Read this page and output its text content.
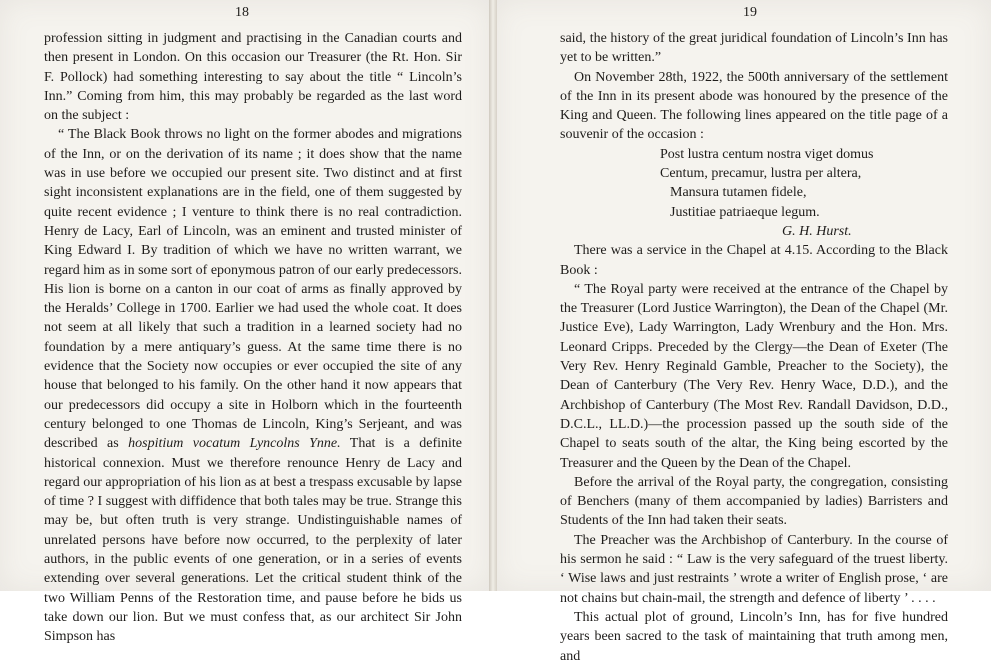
18	19

profession sitting in judgment and practising in the Canadian courts and then present in London. On this occasion our Treasurer (the Rt. Hon. Sir F. Pollock) had something interesting to say about the title “ Lincoln’s Inn.” Coming from him, this may probably be regarded as the last word on the subject :

“ The Black Book throws no light on the former abodes and migrations of the Inn, or on the derivation of its name ; it does show that the name was in use before we occupied our present site. Two distinct and at first sight inconsistent explanations are in the field, one of them suggested by quite recent evidence ; I venture to think there is no real contradiction. Henry de Lacy, Earl of Lincoln, was an eminent and trusted minister of King Edward I. By tradition of which we have no written warrant, we regard him as in some sort of eponymous patron of our early predecessors. His lion is borne on a canton in our coat of arms as finally approved by the Heralds’ College in 1700. Earlier we had used the whole coat. It does not seem at all likely that such a tradition in a learned society had no foundation by a mere antiquary’s guess. At the same time there is no evidence that the Society now occupies or ever occupied the site of any house that belonged to his family. On the other hand it now appears that our predecessors did occupy a site in Holborn which in the fourteenth century belonged to one Thomas de Lincoln, King’s Serjeant, and was described as hospitium vocatum Lyncolns Ynne. That is a definite historical connexion. Must we therefore renounce Henry de Lacy and regard our appropriation of his lion as at best a trespass excusable by lapse of time ? I suggest with diffidence that both tales may be true. Strange this may be, but often truth is very strange. Undistinguishable names of unrelated persons have before now occurred, to the perplexity of later authors, in the public events of one generation, or in a series of events extending over several generations. Let the critical student think of the two William Penns of the Restoration time, and pause before he bids us take down our lion. But we must confess that, as our architect Sir John Simpson has

said, the history of the great juridical foundation of Lincoln’s Inn has yet to be written.”

On November 28th, 1922, the 500th anniversary of the settlement of the Inn in its present abode was honoured by the presence of the King and Queen. The following lines appeared on the title page of a souvenir of the occasion :

Post lustra centum nostra viget domus
Centum, precamur, lustra per altera,
Mansura tutamen fidele,
Justitiae patriaeque legum.
G. H. Hurst.

There was a service in the Chapel at 4.15. According to the Black Book :

“ The Royal party were received at the entrance of the Chapel by the Treasurer (Lord Justice Warrington), the Dean of the Chapel (Mr. Justice Eve), Lady Warrington, Lady Wrenbury and the Hon. Mrs. Leonard Cripps. Preceded by the Clergy—the Dean of Exeter (The Very Rev. Henry Reginald Gamble, Preacher to the Society), the Dean of Canterbury (The Very Rev. Henry Wace, D.D.), and the Archbishop of Canterbury (The Most Rev. Randall Davidson, D.D., D.C.L., LL.D.)—the procession passed up the south side of the Chapel to seats south of the altar, the King being escorted by the Treasurer and the Queen by the Dean of the Chapel.

Before the arrival of the Royal party, the congregation, consisting of Benchers (many of them accompanied by ladies) Barristers and Students of the Inn had taken their seats.

The Preacher was the Archbishop of Canterbury. In the course of his sermon he said : “ Law is the very safeguard of the truest liberty. ‘ Wise laws and just restraints ’ wrote a writer of English prose, ‘ are not chains but chain-mail, the strength and defence of liberty ’ . . . .

This actual plot of ground, Lincoln’s Inn, has for five hundred years been sacred to the task of maintaining that truth among men, and
